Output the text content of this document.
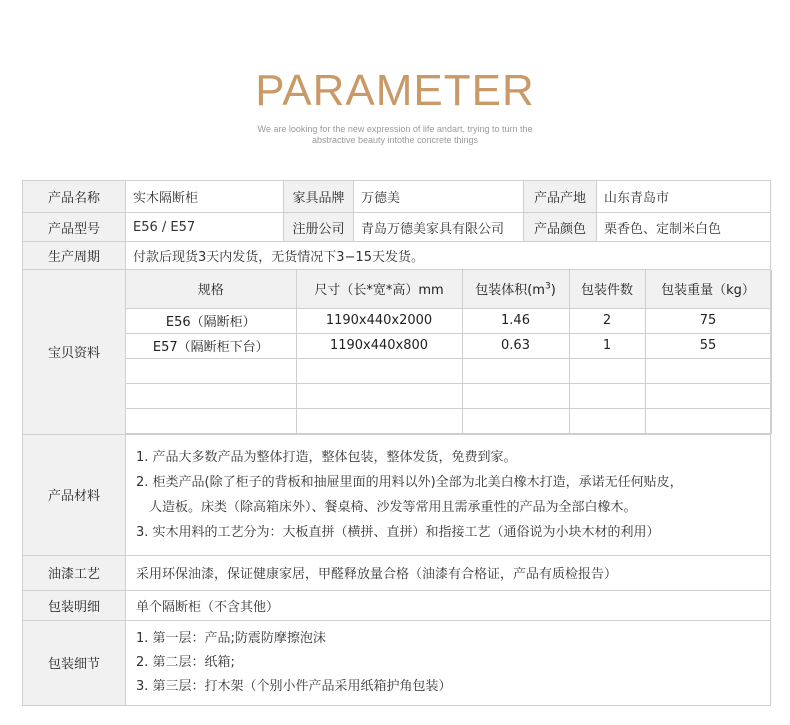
PARAMETER
We are looking for the new expression of life andart, trying to turn the
abstractive beauty intothe concrete things
产品名称	实木隔断柜	家具品牌	万德美	产品产地	山东青岛市
产品型号	E56 / E57	注册公司	青岛万德美家具有限公司	产品颜色	栗香色、定制米白色
生产周期	付款后现货3天内发货，无货情况下3−15天发货。
宝贝资料	
规格	尺寸（长*宽*高）mm	包装体积$(m^3)$	包装件数	包装重量（kg）
E56（隔断柜）	1190x440x2000	1.46	2	75
E57（隔断柜下台）	1190x440x800	0.63	1	55

产品材料	
1. 产品大多数产品为整体打造，整体包装，整体发货，免费到家。
2. 柜类产品(除了柜子的背板和抽屉里面的用料以外)全部为北美白橡木打造，承诺无任何贴皮，
人造板。床类（除高箱床外）、餐桌椅、沙发等常用且需承重性的产品为全部白橡木。
3. 实木用料的工艺分为：大板直拼（横拼、直拼）和指接工艺（通俗说为小块木材的利用）

油漆工艺	采用环保油漆，保证健康家居，甲醛释放量合格（油漆有合格证，产品有质检报告）
包装明细	单个隔断柜（不含其他）
包装细节	
1. 第一层：产品;防震防摩擦泡沫
2. 第二层：纸箱;
3. 第三层：打木架（个别小件产品采用纸箱护角包装）
